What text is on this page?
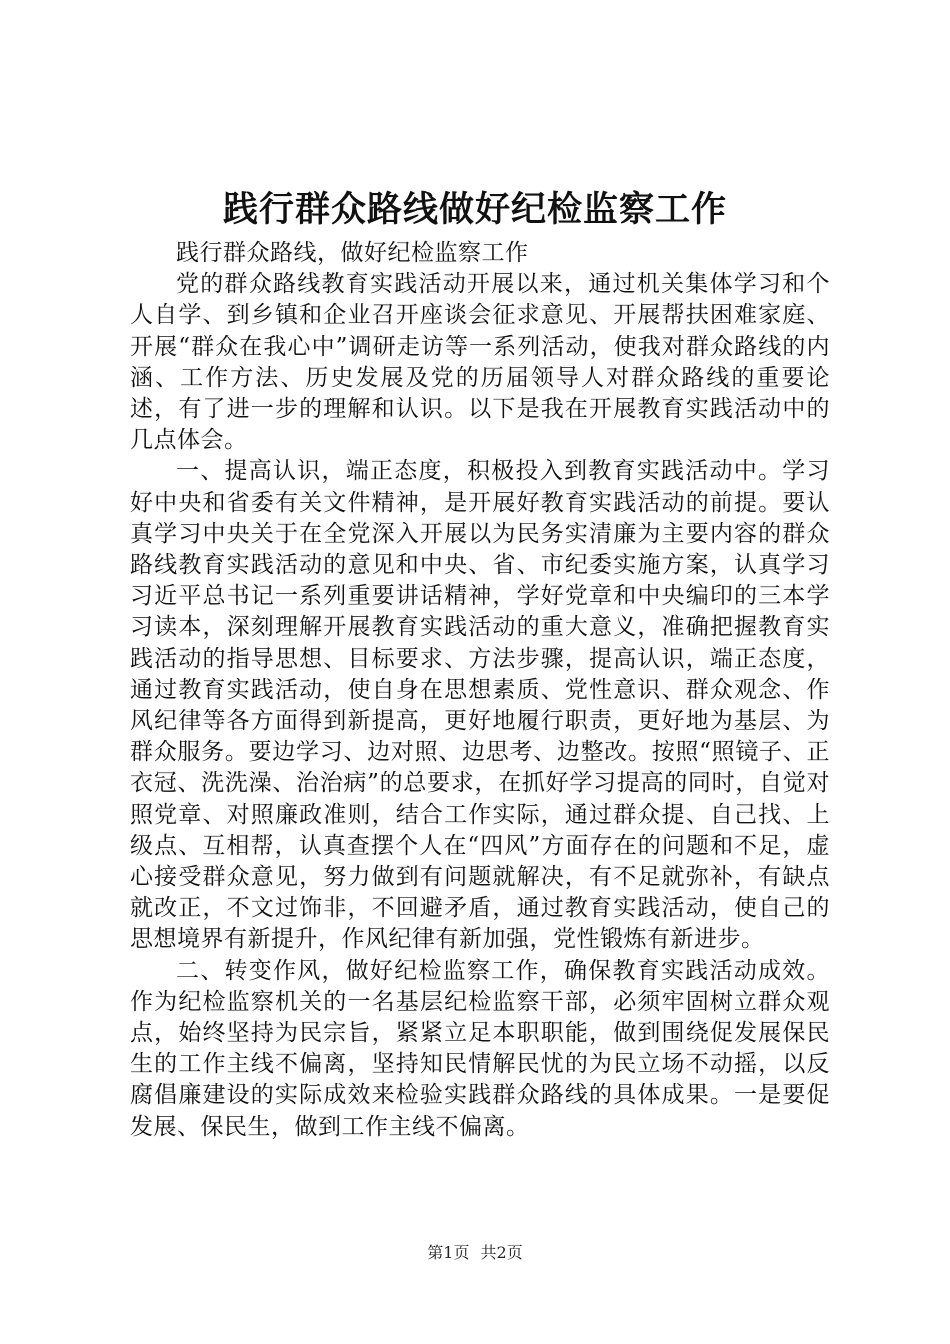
践行群众路线做好纪检监察工作

践行群众路线，做好纪检监察工作

党的群众路线教育实践活动开展以来，通过机关集体学习和个人自学、到乡镇和企业召开座谈会征求意见、开展帮扶困难家庭、开展“群众在我心中”调研走访等一系列活动，使我对群众路线的内涵、工作方法、历史发展及党的历届领导人对群众路线的重要论述，有了进一步的理解和认识。以下是我在开展教育实践活动中的几点体会。

一、提高认识，端正态度，积极投入到教育实践活动中。学习好中央和省委有关文件精神，是开展好教育实践活动的前提。要认真学习中央关于在全党深入开展以为民务实清廉为主要内容的群众路线教育实践活动的意见和中央、省、市纪委实施方案，认真学习习近平总书记一系列重要讲话精神，学好党章和中央编印的三本学习读本，深刻理解开展教育实践活动的重大意义，准确把握教育实践活动的指导思想、目标要求、方法步骤，提高认识，端正态度，通过教育实践活动，使自身在思想素质、党性意识、群众观念、作风纪律等各方面得到新提高，更好地履行职责，更好地为基层、为群众服务。要边学习、边对照、边思考、边整改。按照“照镜子、正衣冠、洗洗澡、治治病”的总要求，在抓好学习提高的同时，自觉对照党章、对照廉政准则，结合工作实际，通过群众提、自己找、上级点、互相帮，认真查摆个人在“四风”方面存在的问题和不足，虚心接受群众意见，努力做到有问题就解决，有不足就弥补，有缺点就改正，不文过饰非，不回避矛盾，通过教育实践活动，使自己的思想境界有新提升，作风纪律有新加强，党性锻炼有新进步。

二、转变作风，做好纪检监察工作，确保教育实践活动成效。作为纪检监察机关的一名基层纪检监察干部，必须牢固树立群众观点，始终坚持为民宗旨，紧紧立足本职职能，做到围绕促发展保民生的工作主线不偏离，坚持知民情解民忧的为民立场不动摇，以反腐倡廉建设的实际成效来检验实践群众路线的具体成果。一是要促发展、保民生，做到工作主线不偏离。

第1页 共2页
